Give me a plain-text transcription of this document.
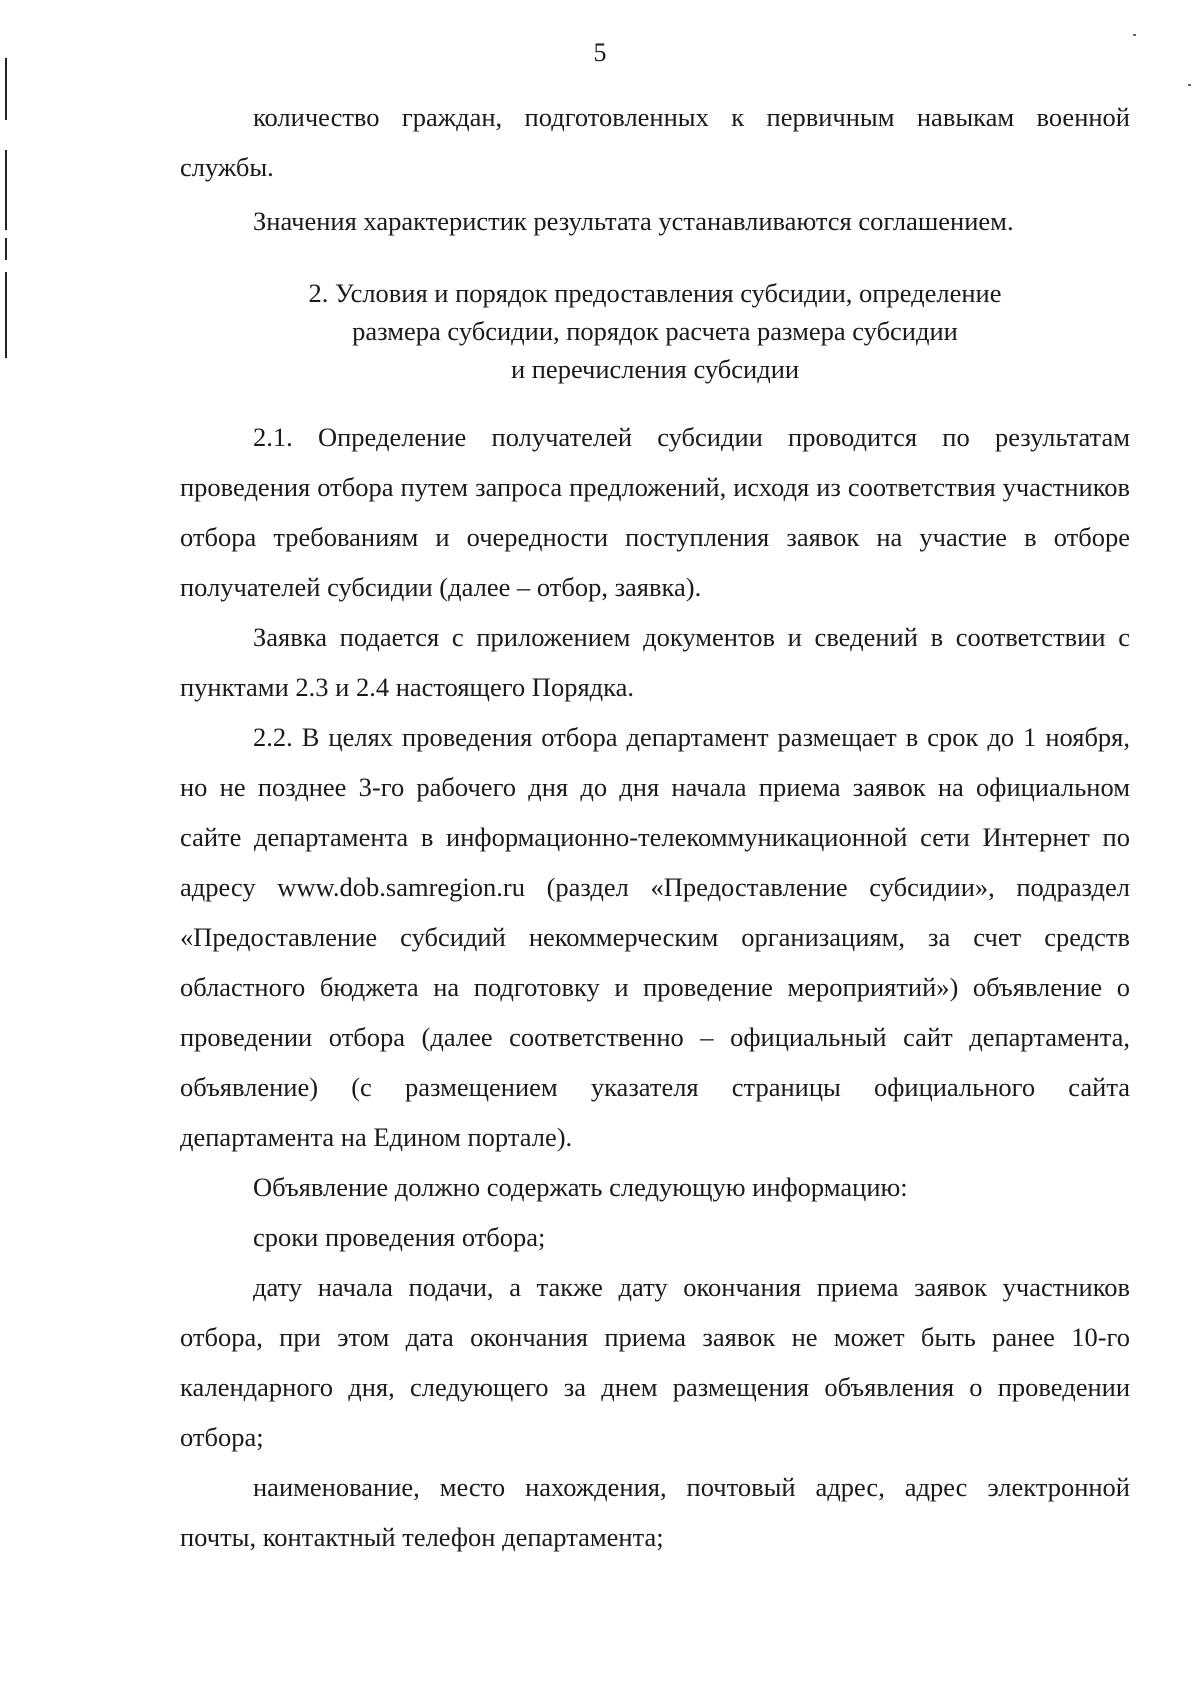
5

количество граждан, подготовленных к первичным навыкам военной службы.

Значения характеристик результата устанавливаются соглашением.

2. Условия и порядок предоставления субсидии, определение
размера субсидии, порядок расчета размера субсидии
и перечисления субсидии

2.1. Определение получателей субсидии проводится по результатам проведения отбора путем запроса предложений, исходя из соответствия участников отбора требованиям и очередности поступления заявок на участие в отборе получателей субсидии (далее – отбор, заявка).

Заявка подается с приложением документов и сведений в соответствии с пунктами 2.3 и 2.4 настоящего Порядка.

2.2. В целях проведения отбора департамент размещает в срок до 1 ноября, но не позднее 3-го рабочего дня до дня начала приема заявок на официальном сайте департамента в информационно-телекоммуникационной сети Интернет по адресу www.dob.samregion.ru (раздел «Предоставление субсидии», подраздел «Предоставление субсидий некоммерческим организациям, за счет средств областного бюджета на подготовку и проведение мероприятий») объявление о проведении отбора (далее соответственно – официальный сайт департамента, объявление) (с размещением указателя страницы официального сайта департамента на Едином портале).

Объявление должно содержать следующую информацию:

сроки проведения отбора;

дату начала подачи, а также дату окончания приема заявок участников отбора, при этом дата окончания приема заявок не может быть ранее 10-го календарного дня, следующего за днем размещения объявления о проведении отбора;

наименование, место нахождения, почтовый адрес, адрес электронной почты, контактный телефон департамента;
